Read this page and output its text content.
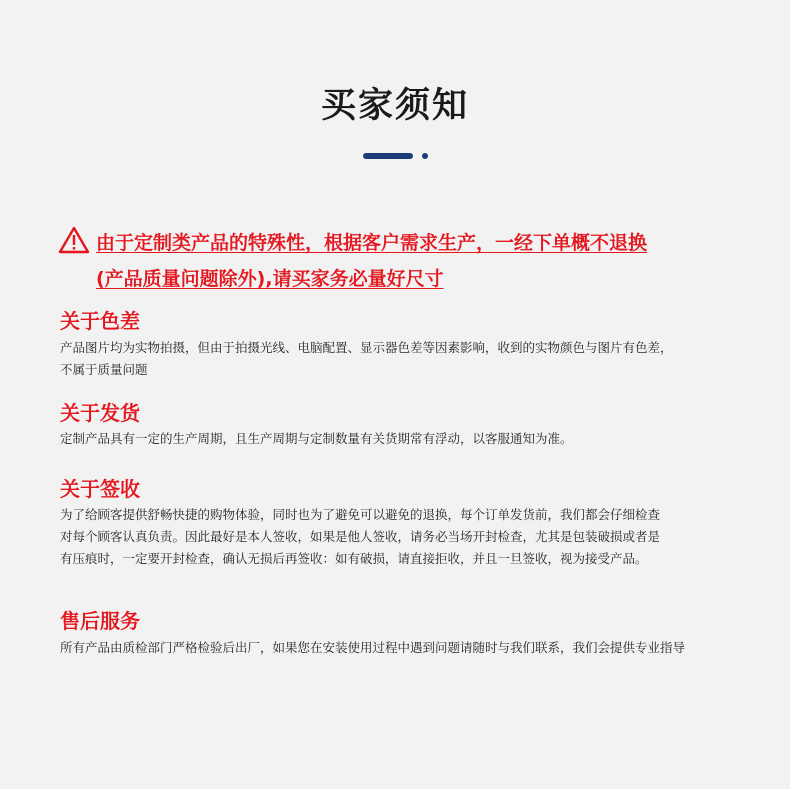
买家须知
由于定制类产品的特殊性，根据客户需求生产，一经下单概不退换
(产品质量问题除外),请买家务必量好尺寸
关于色差
产品图片均为实物拍摄，但由于拍摄光线、电脑配置、显示器色差等因素影响，收到的实物颜色与图片有色差，
不属于质量问题
关于发货
定制产品具有一定的生产周期，且生产周期与定制数量有关货期常有浮动，以客服通知为准。
关于签收
为了给顾客提供舒畅快捷的购物体验，同时也为了避免可以避免的退换，每个订单发货前，我们都会仔细检查
对每个顾客认真负责。因此最好是本人签收，如果是他人签收，请务必当场开封检查，尤其是包装破损或者是
有压痕时，一定要开封检查，确认无损后再签收：如有破损，请直接拒收，并且一旦签收，视为接受产品。
售后服务
所有产品由质检部门严格检验后出厂，如果您在安装使用过程中遇到问题请随时与我们联系，我们会提供专业指导
